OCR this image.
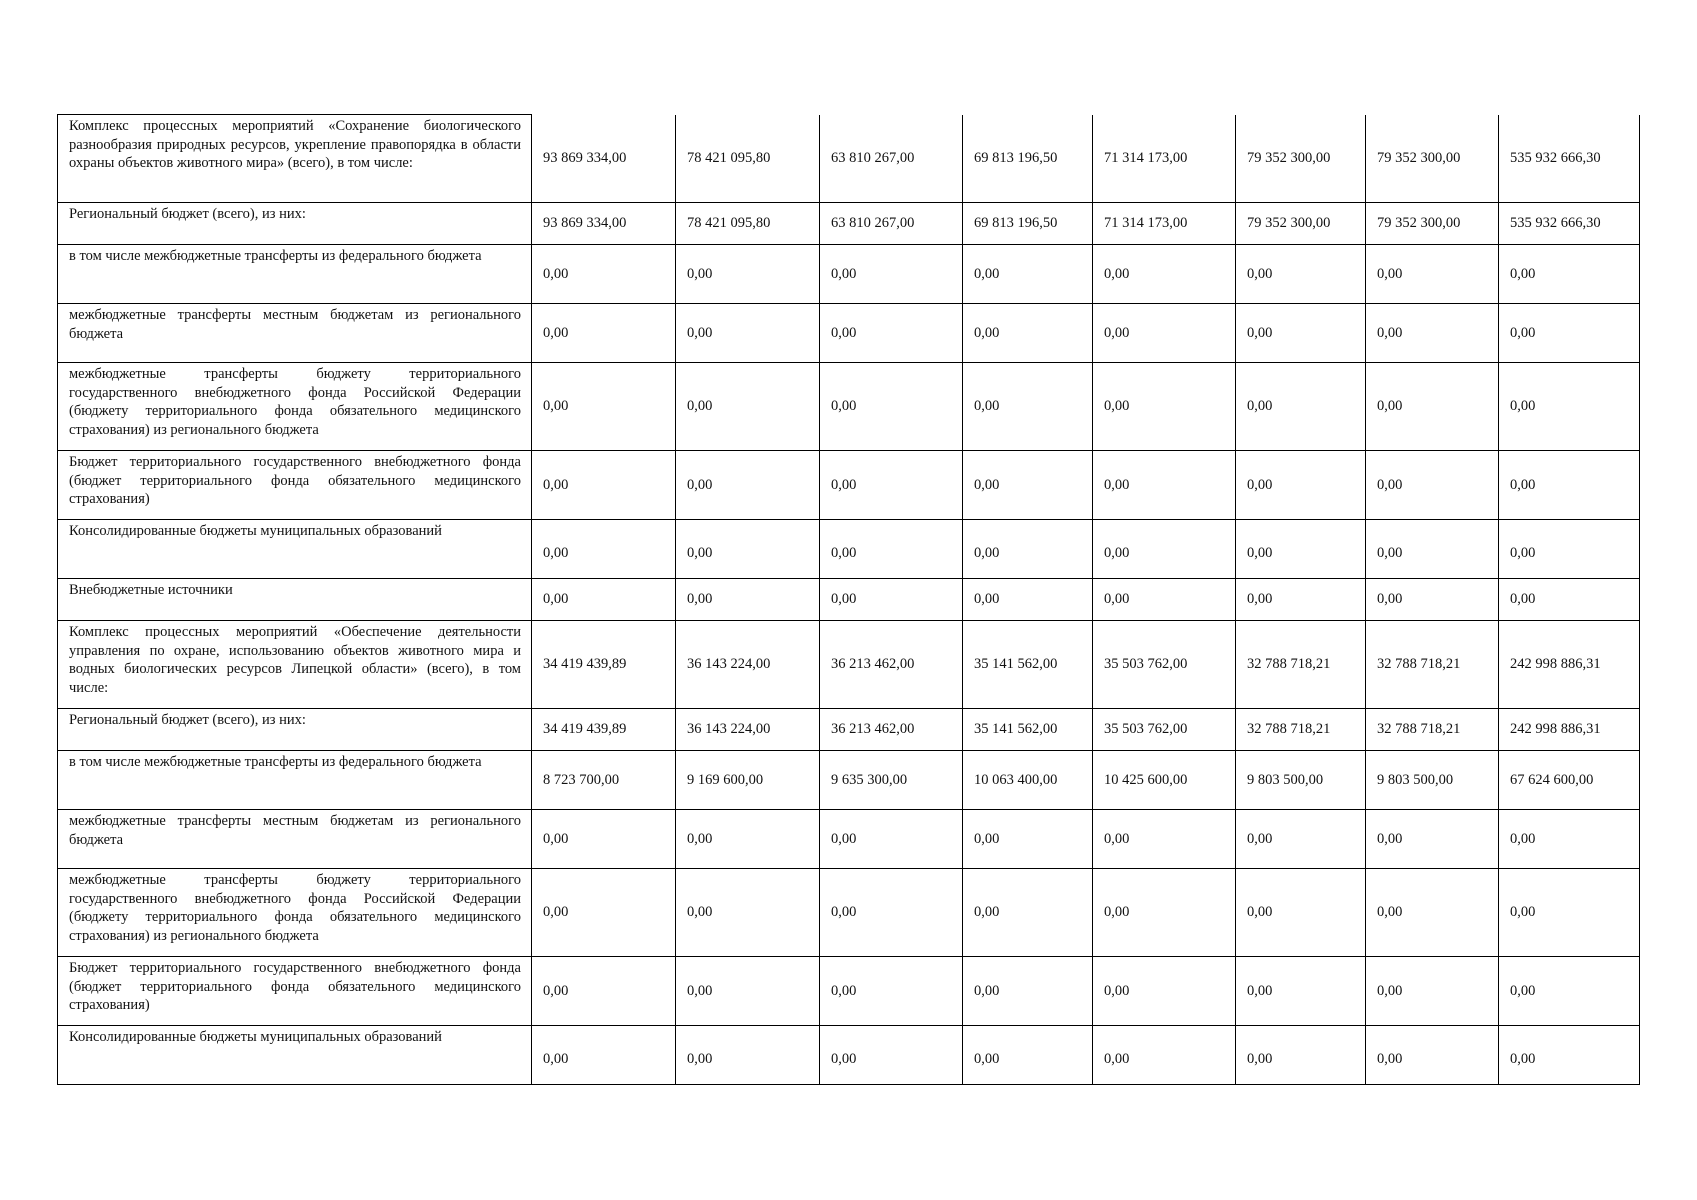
Комплекс процессных мероприятий «Сохранение биологического разнообразия природных ресурсов, укрепление правопорядка в области охраны объектов животного мира» (всего), в том числе:	93 869 334,00	78 421 095,80	63 810 267,00	69 813 196,50	71 314 173,00	79 352 300,00	79 352 300,00	535 932 666,30
Региональный бюджет (всего), из них:	93 869 334,00	78 421 095,80	63 810 267,00	69 813 196,50	71 314 173,00	79 352 300,00	79 352 300,00	535 932 666,30
в том числе межбюджетные трансферты из федерального бюджета	0,00	0,00	0,00	0,00	0,00	0,00	0,00	0,00
межбюджетные трансферты местным бюджетам из регионального бюджета	0,00	0,00	0,00	0,00	0,00	0,00	0,00	0,00
межбюджетные трансферты бюджету территориального государственного внебюджетного фонда Российской Федерации (бюджету территориального фонда обязательного медицинского страхования) из регионального бюджета	0,00	0,00	0,00	0,00	0,00	0,00	0,00	0,00
Бюджет территориального государственного внебюджетного фонда (бюджет территориального фонда обязательного медицинского страхования)	0,00	0,00	0,00	0,00	0,00	0,00	0,00	0,00
Консолидированные бюджеты муниципальных образований	0,00	0,00	0,00	0,00	0,00	0,00	0,00	0,00
Внебюджетные источники	0,00	0,00	0,00	0,00	0,00	0,00	0,00	0,00
Комплекс процессных мероприятий «Обеспечение деятельности управления по охране, использованию объектов животного мира и водных биологических ресурсов Липецкой области» (всего), в том числе:	34 419 439,89	36 143 224,00	36 213 462,00	35 141 562,00	35 503 762,00	32 788 718,21	32 788 718,21	242 998 886,31
Региональный бюджет (всего), из них:	34 419 439,89	36 143 224,00	36 213 462,00	35 141 562,00	35 503 762,00	32 788 718,21	32 788 718,21	242 998 886,31
в том числе межбюджетные трансферты из федерального бюджета	8 723 700,00	9 169 600,00	9 635 300,00	10 063 400,00	10 425 600,00	9 803 500,00	9 803 500,00	67 624 600,00
межбюджетные трансферты местным бюджетам из регионального бюджета	0,00	0,00	0,00	0,00	0,00	0,00	0,00	0,00
межбюджетные трансферты бюджету территориального государственного внебюджетного фонда Российской Федерации (бюджету территориального фонда обязательного медицинского страхования) из регионального бюджета	0,00	0,00	0,00	0,00	0,00	0,00	0,00	0,00
Бюджет территориального государственного внебюджетного фонда (бюджет территориального фонда обязательного медицинского страхования)	0,00	0,00	0,00	0,00	0,00	0,00	0,00	0,00
Консолидированные бюджеты муниципальных образований	0,00	0,00	0,00	0,00	0,00	0,00	0,00	0,00
